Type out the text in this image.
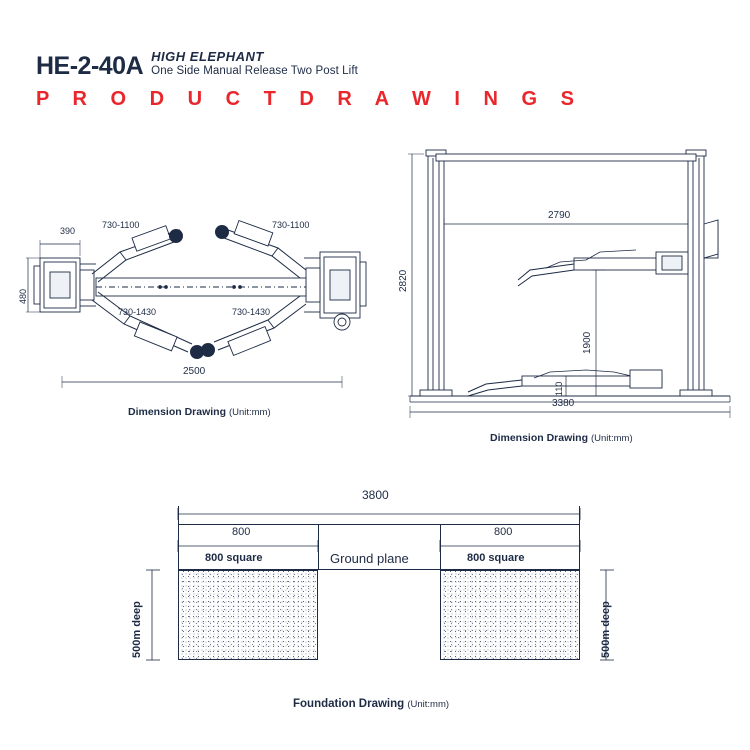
HE-2-40A HIGH ELEPHANT
One Side Manual Release Two Post Lift
P R O D U C T D R A W I N G S
390
480
730-1100	730-1100
730-1430	730-1430
2500
Dimension Drawing (Unit:mm)
2790
2820
1900
110
3380
Dimension Drawing (Unit:mm)
3800
800	800
800 square	800 square
Ground plane
500m deep	500m deep
Foundation Drawing (Unit:mm)
